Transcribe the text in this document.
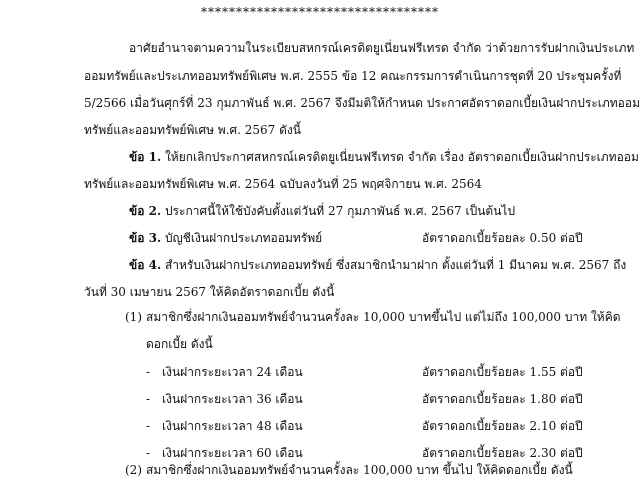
**********************************
อาศัยอำนาจตามความในระเบียบสหกรณ์เครดิตยูเนี่ยนฟรีเทรด จำกัด ว่าด้วยการรับฝากเงินประเภท
ออมทรัพย์และประเภทออมทรัพย์พิเศษ พ.ศ. 2555 ข้อ 12 คณะกรรมการดำเนินการชุดที่ 20 ประชุมครั้งที่
5/2566 เมื่อวันศุกร์ที่ 23 กุมภาพันธ์ พ.ศ. 2567 จึงมีมติให้กำหนด ประกาศอัตราดอกเบี้ยเงินฝากประเภทออม
ทรัพย์และออมทรัพย์พิเศษ พ.ศ. 2567 ดังนี้
ข้อ 1. ให้ยกเลิกประกาศสหกรณ์เครดิตยูเนี่ยนฟรีเทรด จำกัด เรื่อง อัตราดอกเบี้ยเงินฝากประเภทออม
ทรัพย์และออมทรัพย์พิเศษ พ.ศ. 2564 ฉบับลงวันที่ 25 พฤศจิกายน พ.ศ. 2564
ข้อ 2. ประกาศนี้ให้ใช้บังคับตั้งแต่วันที่ 27 กุมภาพันธ์ พ.ศ. 2567 เป็นต้นไป
ข้อ 3. บัญชีเงินฝากประเภทออมทรัพย์	อัตราดอกเบี้ยร้อยละ 0.50 ต่อปี
ข้อ 4. สำหรับเงินฝากประเภทออมทรัพย์ ซึ่งสมาชิกนำมาฝาก ตั้งแต่วันที่ 1 มีนาคม พ.ศ. 2567 ถึง
วันที่ 30 เมษายน 2567 ให้คิดอัตราดอกเบี้ย ดังนี้
(1) สมาชิกซึ่งฝากเงินออมทรัพย์จำนวนครั้งละ 10,000 บาทขึ้นไป แต่ไม่ถึง 100,000 บาท ให้คิด
ดอกเบี้ย ดังนี้
- เงินฝากระยะเวลา 24 เดือน	อัตราดอกเบี้ยร้อยละ 1.55 ต่อปี
- เงินฝากระยะเวลา 36 เดือน	อัตราดอกเบี้ยร้อยละ 1.80 ต่อปี
- เงินฝากระยะเวลา 48 เดือน	อัตราดอกเบี้ยร้อยละ 2.10 ต่อปี
- เงินฝากระยะเวลา 60 เดือน	อัตราดอกเบี้ยร้อยละ 2.30 ต่อปี
(2) สมาชิกซึ่งฝากเงินออมทรัพย์จำนวนครั้งละ 100,000 บาท ขึ้นไป ให้คิดดอกเบี้ย ดังนี้
